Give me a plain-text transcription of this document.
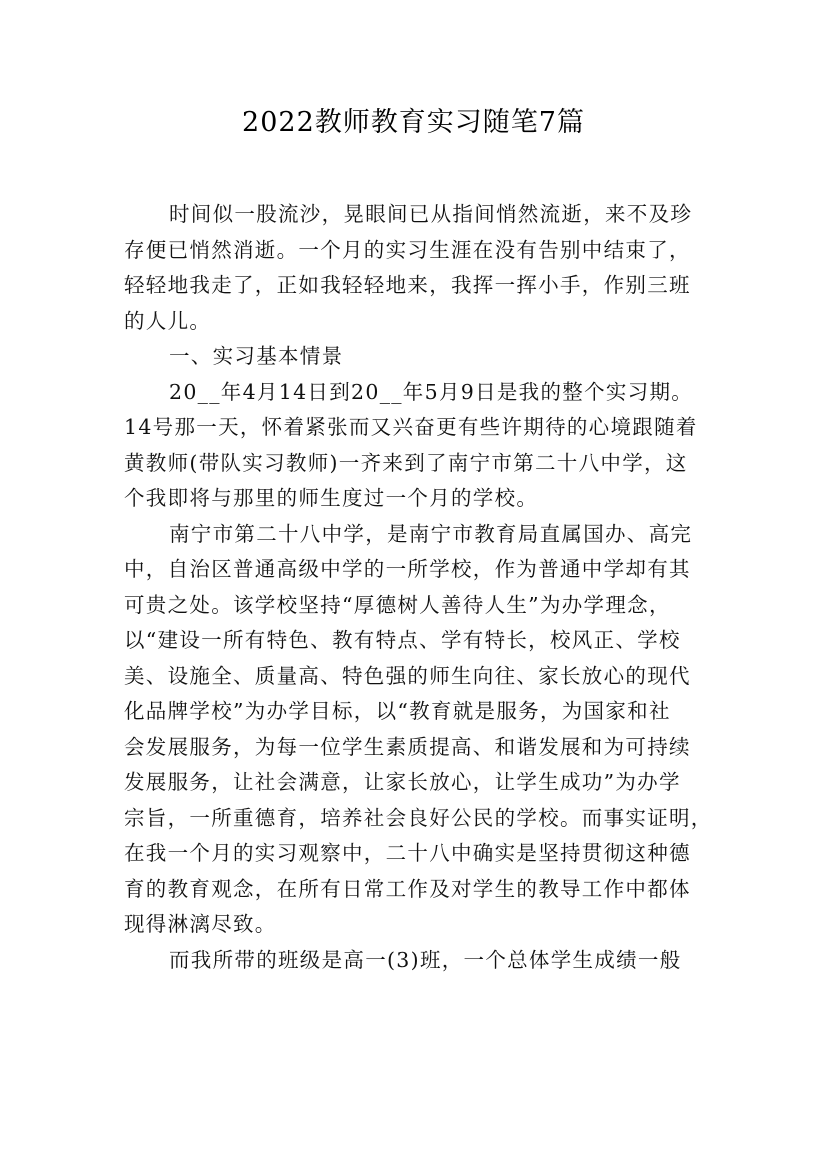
2022教师教育实习随笔7篇
时间似一股流沙，晃眼间已从指间悄然流逝，来不及珍
存便已悄然消逝。一个月的实习生涯在没有告别中结束了，
轻轻地我走了，正如我轻轻地来，我挥一挥小手，作别三班
的人儿。
一、实习基本情景
20__年4月14日到20__年5月9日是我的整个实习期。
14号那一天，怀着紧张而又兴奋更有些许期待的心境跟随着
黄教师(带队实习教师)一齐来到了南宁市第二十八中学，这
个我即将与那里的师生度过一个月的学校。
南宁市第二十八中学，是南宁市教育局直属国办、高完
中，自治区普通高级中学的一所学校，作为普通中学却有其
可贵之处。该学校坚持“厚德树人善待人生”为办学理念，
以“建设一所有特色、教有特点、学有特长，校风正、学校
美、设施全、质量高、特色强的师生向往、家长放心的现代
化品牌学校”为办学目标，以“教育就是服务，为国家和社
会发展服务，为每一位学生素质提高、和谐发展和为可持续
发展服务，让社会满意，让家长放心，让学生成功”为办学
宗旨，一所重德育，培养社会良好公民的学校。而事实证明，
在我一个月的实习观察中，二十八中确实是坚持贯彻这种德
育的教育观念，在所有日常工作及对学生的教导工作中都体
现得淋漓尽致。
而我所带的班级是高一(3)班，一个总体学生成绩一般
